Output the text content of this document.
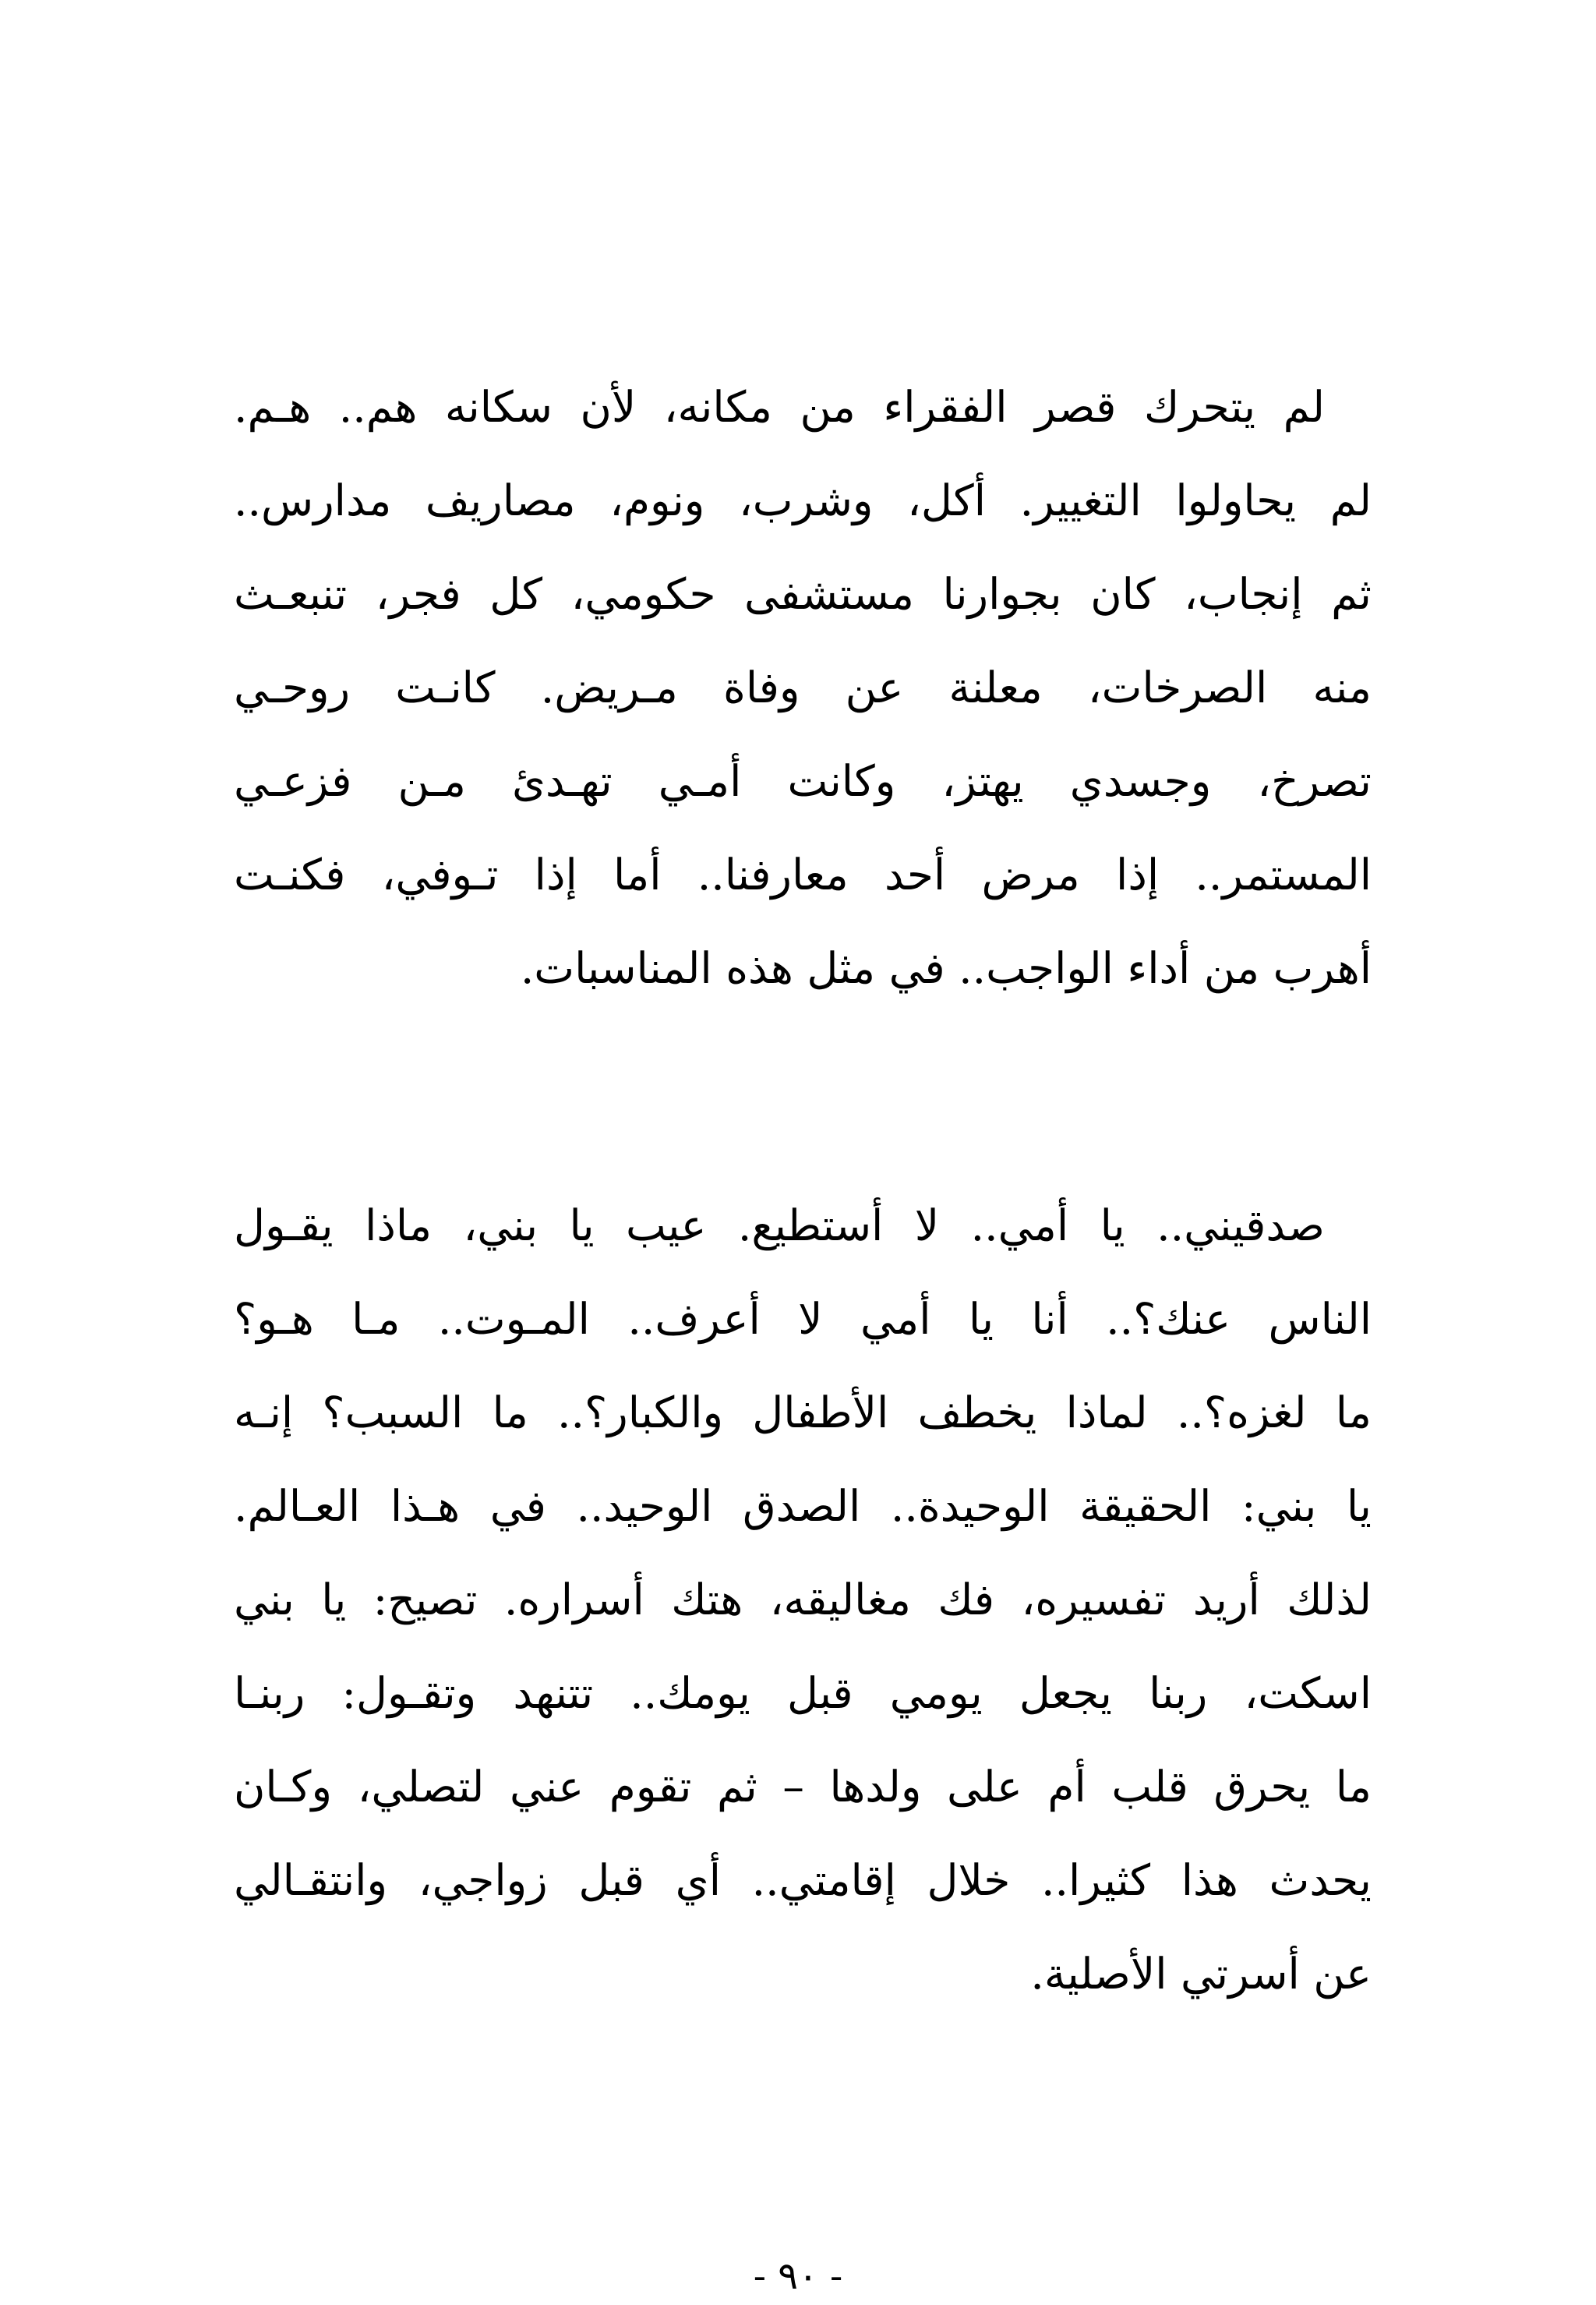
لم يتحرك قصر الفقراء من مكانه، لأن سكانه هم.. هـم.
لم يحاولوا التغيير. أكل، وشرب، ونوم، مصاريف مدارس..
ثم إنجاب، كان بجوارنا مستشفى حكومي، كل فجر، تنبعـث
منه الصرخات، معلنة عن وفاة مـريض. كانـت روحـي
تصرخ، وجسدي يهتز، وكانت أمـي تهـدئ مـن فزعـي
المستمر.. إذا مرض أحد معارفنا.. أما إذا تـوفي، فكنـت
أهرب من أداء الواجب.. في مثل هذه المناسبات.
صدقيني.. يا أمي.. لا أستطيع. عيب يا بني، ماذا يقـول
الناس عنك؟.. أنا يا أمي لا أعرف.. المـوت.. مـا هـو؟
ما لغزه؟.. لماذا يخطف الأطفال والكبار؟.. ما السبب؟ إنـه
يا بني: الحقيقة الوحيدة.. الصدق الوحيد.. في هـذا العـالم.
لذلك أريد تفسيره، فك مغاليقه، هتك أسراره. تصيح: يا بني
اسكت، ربنا يجعل يومي قبل يومك.. تتنهد وتقـول: ربنـا
ما يحرق قلب أم على ولدها – ثم تقوم عني لتصلي، وكـان
يحدث هذا كثيرا.. خلال إقامتي.. أي قبل زواجي، وانتقـالي
عن أسرتي الأصلية.
- ٩٠ -
